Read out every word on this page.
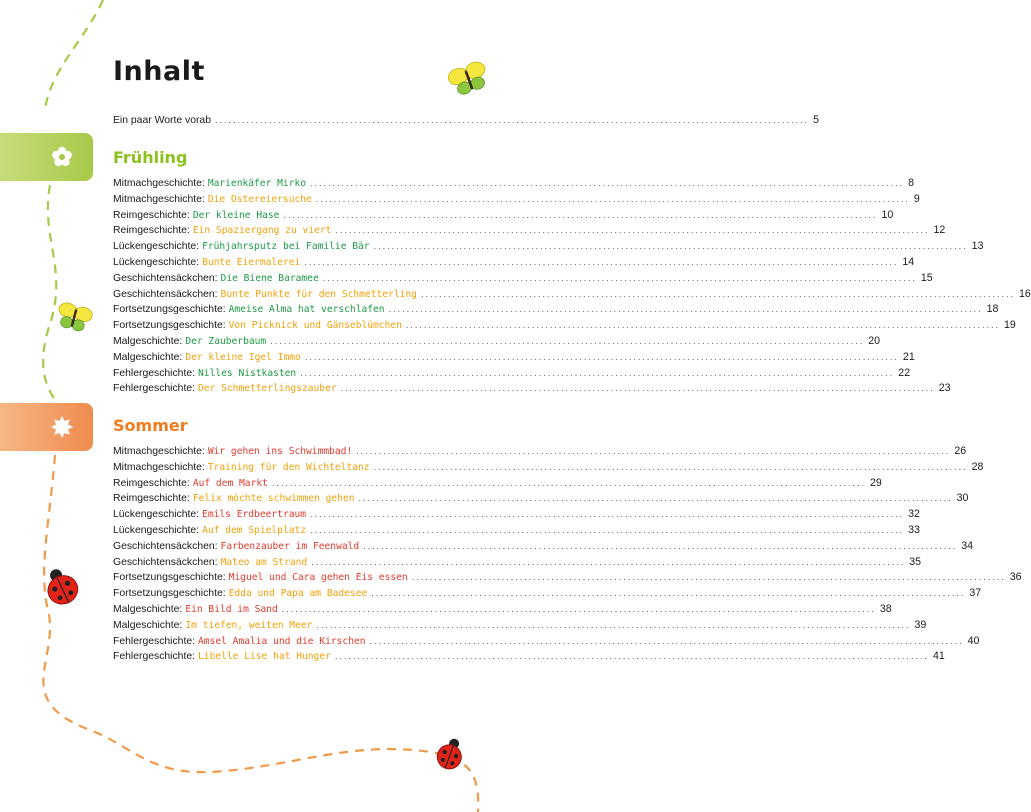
Inhalt
Ein paar Worte vorab .................................................................................................................................... 5
Frühling
Mitmachgeschichte: Marienkäfer Mirko .................................................................................................................................... 8
Mitmachgeschichte: Die Ostereiersuche .................................................................................................................................... 9
Reimgeschichte: Der kleine Hase .................................................................................................................................... 10
Reimgeschichte: Ein Spaziergang zu viert .................................................................................................................................... 12
Lückengeschichte: Frühjahrsputz bei Familie Bär .................................................................................................................................... 13
Lückengeschichte: Bunte Eiermalerei .................................................................................................................................... 14
Geschichtensäckchen: Die Biene Baramee .................................................................................................................................... 15
Geschichtensäckchen: Bunte Punkte für den Schmetterling .................................................................................................................................... 16
Fortsetzungsgeschichte: Ameise Alma hat verschlafen .................................................................................................................................... 18
Fortsetzungsgeschichte: Von Picknick und Gänseblümchen .................................................................................................................................... 19
Malgeschichte: Der Zauberbaum .................................................................................................................................... 20
Malgeschichte: Der kleine Igel Immo .................................................................................................................................... 21
Fehlergeschichte: Nilles Nistkasten .................................................................................................................................... 22
Fehlergeschichte: Der Schmetterlingszauber .................................................................................................................................... 23
Sommer
Mitmachgeschichte: Wir gehen ins Schwimmbad! .................................................................................................................................... 26
Mitmachgeschichte: Training für den Wichteltanz .................................................................................................................................... 28
Reimgeschichte: Auf dem Markt .................................................................................................................................... 29
Reimgeschichte: Felix möchte schwimmen gehen .................................................................................................................................... 30
Lückengeschichte: Emils Erdbeertraum .................................................................................................................................... 32
Lückengeschichte: Auf dem Spielplatz .................................................................................................................................... 33
Geschichtensäckchen: Farbenzauber im Feenwald .................................................................................................................................... 34
Geschichtensäckchen: Mateo am Strand .................................................................................................................................... 35
Fortsetzungsgeschichte: Miguel und Cara gehen Eis essen .................................................................................................................................... 36
Fortsetzungsgeschichte: Edda und Papa am Badesee .................................................................................................................................... 37
Malgeschichte: Ein Bild im Sand .................................................................................................................................... 38
Malgeschichte: Im tiefen, weiten Meer .................................................................................................................................... 39
Fehlergeschichte: Amsel Amalia und die Kirschen .................................................................................................................................... 40
Fehlergeschichte: Libelle Lise hat Hunger .................................................................................................................................... 41
